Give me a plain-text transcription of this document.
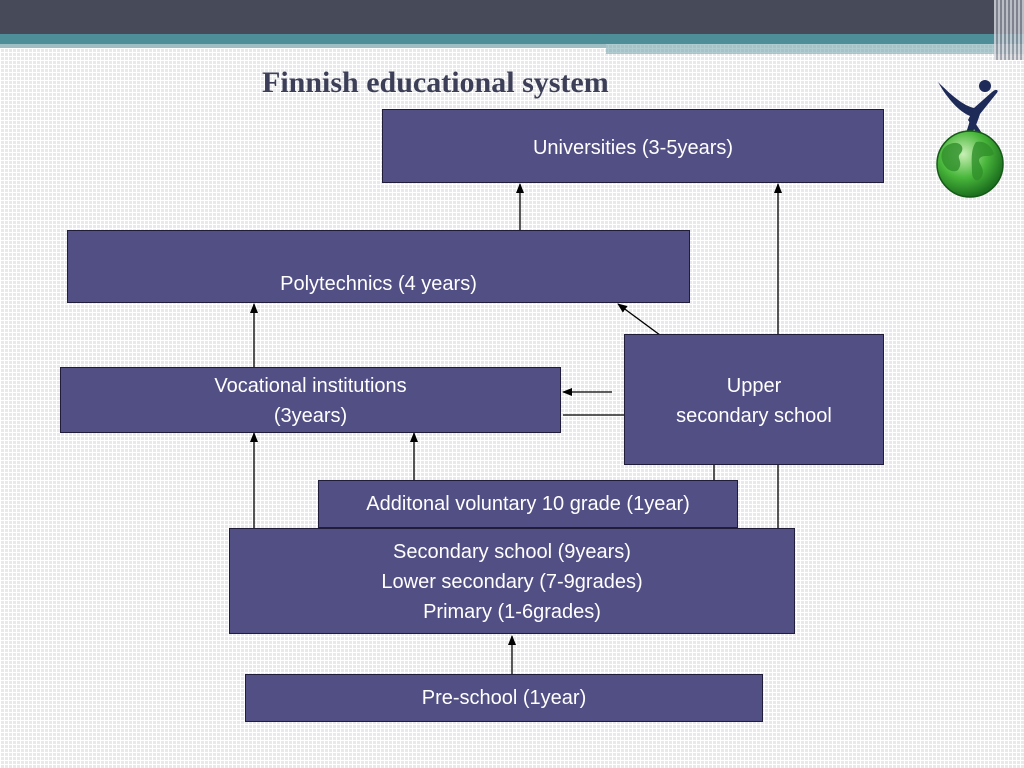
Finnish educational system
Universities (3-5years)
Polytechnics (4 years)
Vocational institutions
(3years)
Upper
secondary school
Additonal voluntary 10 grade (1year)
Secondary school (9years)
Lower secondary (7-9grades)
Primary (1-6grades)
Pre-school (1year)
